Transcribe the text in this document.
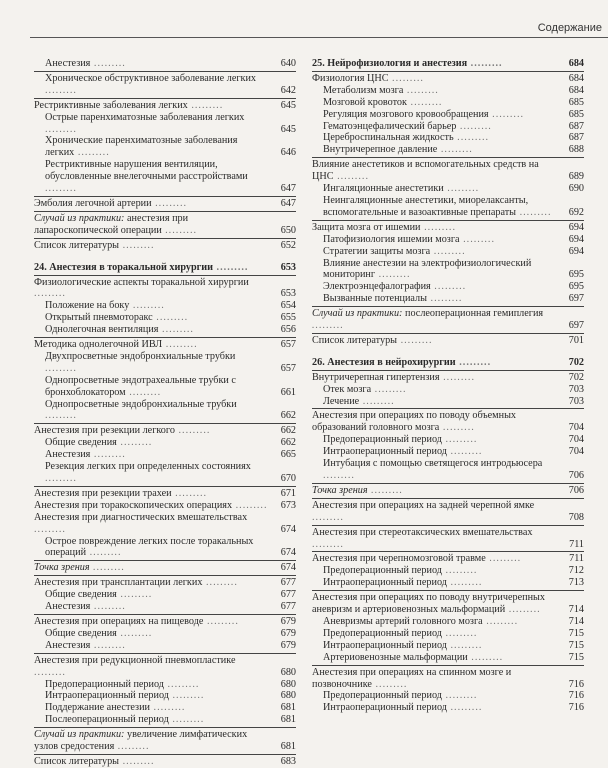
Содержание
Анестезия .........	640
Хроническое обструктивное заболевание легких .........	642
Рестриктивные заболевания легких .........	645
Острые паренхиматозные заболевания легких .........	645
Хронические паренхиматозные заболевания легких .........	646
Рестриктивные нарушения вентиляции, обусловленные внелегочными расстройствами .........	647
Эмболия легочной артерии .........	647
Случай из практики: анестезия при лапароскопической операции .........	650
Список литературы .........	652
24. Анестезия в торакальной хирургии .........	653
Физиологические аспекты торакальной хирургии .........	653
Положение на боку .........	654
Открытый пневмоторакс .........	655
Однолегочная вентиляция .........	656
Методика однолегочной ИВЛ .........	657
Двухпросветные эндобронхиальные трубки .........	657
Однопросветные эндотрахеальные трубки с бронхоблокатором .........	661
Однопросветные эндобронхиальные трубки .........	662
Анестезия при резекции легкого .........	662
Общие сведения .........	662
Анестезия .........	665
Резекция легких при определенных состояниях .........	670
Анестезия при резекции трахеи .........	671
Анестезия при торакоскопических операциях .........	673
Анестезия при диагностических вмешательствах .........	674
Острое повреждение легких после торакальных операций .........	674
Точка зрения .........	674
Анестезия при трансплантации легких .........	677
Общие сведения .........	677
Анестезия .........	677
Анестезия при операциях на пищеводе .........	679
Общие сведения .........	679
Анестезия .........	679
Анестезия при редукционной пневмопластике .........	680
Предоперационный период .........	680
Интраоперационный период .........	680
Поддержание анестезии .........	681
Послеоперационный период .........	681
Случай из практики: увеличение лимфатических узлов средостения .........	681
Список литературы .........	683
25. Нейрофизиология и анестезия .........	684
Физиология ЦНС .........	684
Метаболизм мозга .........	684
Мозговой кровоток .........	685
Регуляция мозгового кровообращения .........	685
Гематоэнцефалический барьер .........	687
Цереброспинальная жидкость .........	687
Внутричерепное давление .........	688
Влияние анестетиков и вспомогательных средств на ЦНС .........	689
Ингаляционные анестетики .........	690
Неингаляционные анестетики, миорелаксанты, вспомогательные и вазоактивные препараты .........	692
Защита мозга от ишемии .........	694
Патофизиология ишемии мозга .........	694
Стратегии защиты мозга .........	694
Влияние анестезии на электрофизиологический мониторинг .........	695
Электроэнцефалография .........	695
Вызванные потенциалы .........	697
Случай из практики: послеоперационная гемиплегия .........	697
Список литературы .........	701
26. Анестезия в нейрохирургии .........	702
Внутричерепная гипертензия .........	702
Отек мозга .........	703
Лечение .........	703
Анестезия при операциях по поводу объемных образований головного мозга .........	704
Предоперационный период .........	704
Интраоперационный период .........	704
Интубация с помощью светящегося интродьюсера .........	706
Точка зрения .........	706
Анестезия при операциях на задней черепной ямке .........	708
Анестезия при стереотаксических вмешательствах .........	711
Анестезия при черепномозговой травме .........	711
Предоперационный период .........	712
Интраоперационный период .........	713
Анестезия при операциях по поводу внутричерепных аневризм и артериовенозных мальформаций .........	714
Аневризмы артерий головного мозга .........	714
Предоперационный период .........	715
Интраоперационный период .........	715
Артериовенозные мальформации .........	715
Анестезия при операциях на спинном мозге и позвоночнике .........	716
Предоперационный период .........	716
Интраоперационный период .........	716
